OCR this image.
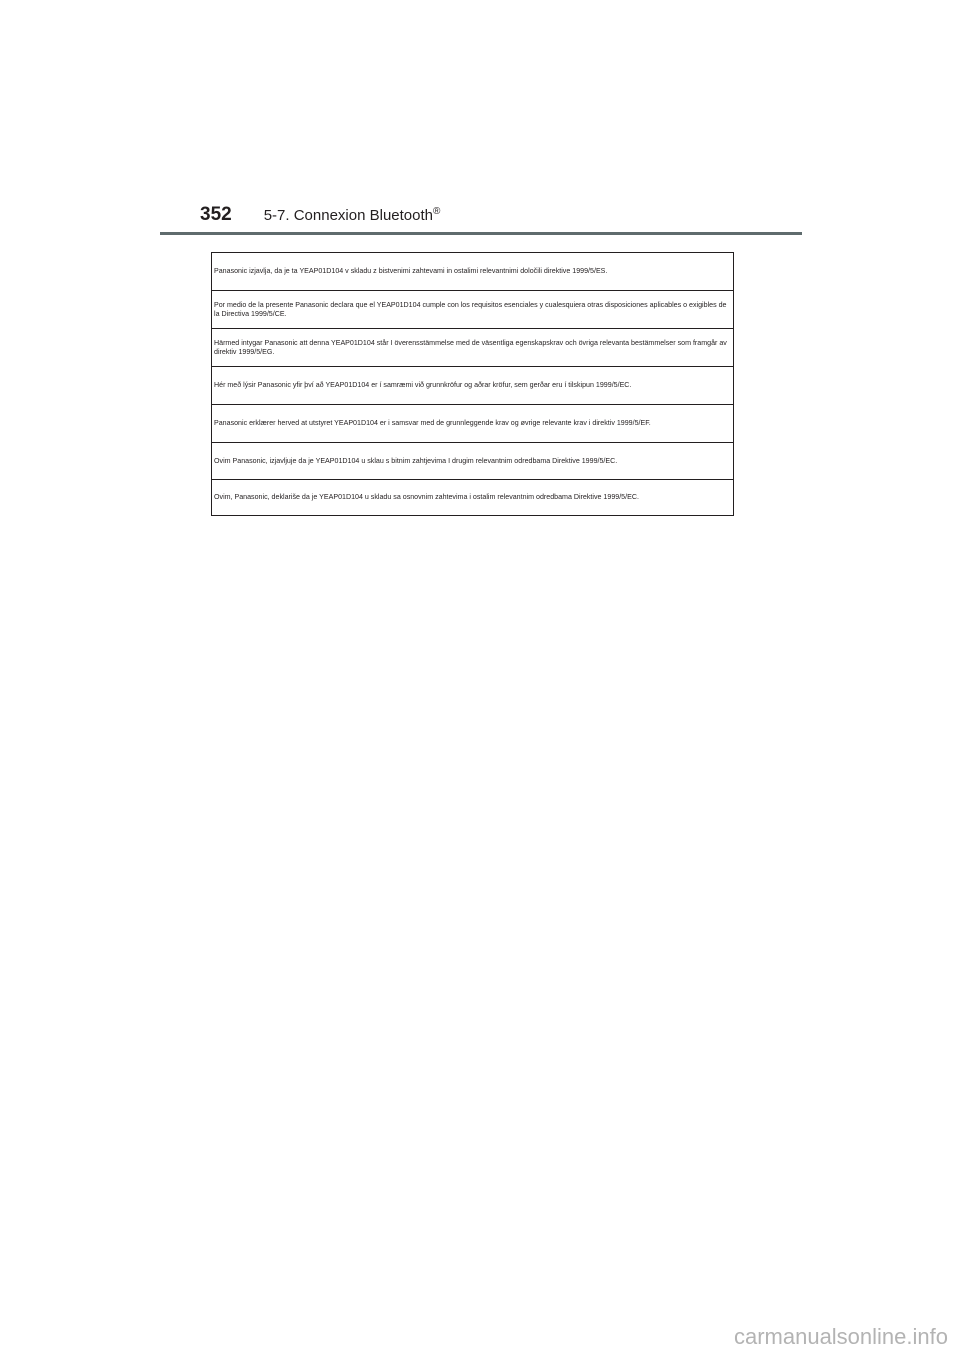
352 5-7. Connexion Bluetooth®
Panasonic izjavlja, da je ta YEAP01D104 v skladu z bistvenimi zahtevami in ostalimi relevantnimi določili direktive 1999/5/ES.
Por medio de la presente Panasonic declara que el YEAP01D104 cumple con los requisitos esenciales y cualesquiera otras disposiciones aplicables o exigibles de la Directiva 1999/5/CE.
Härmed intygar Panasonic att denna YEAP01D104 står I överensstämmelse med de väsentliga egenskapskrav och övriga relevanta bestämmelser som framgår av direktiv 1999/5/EG.
Hér með lýsir Panasonic yfir því að YEAP01D104 er í samræmi við grunnkröfur og aðrar kröfur, sem gerðar eru í tilskipun 1999/5/EC.
Panasonic erklærer herved at utstyret YEAP01D104 er i samsvar med de grunnleggende krav og øvrige relevante krav i direktiv 1999/5/EF.
Ovim Panasonic, izjavljuje da je YEAP01D104 u sklau s bitnim zahtjevima I drugim relevantnim odredbama Direktive 1999/5/EC.
Ovim, Panasonic, deklariše da je YEAP01D104 u skladu sa osnovnim zahtevima i ostalim relevantnim odredbama Direktive 1999/5/EC.
carmanualsonline.info
